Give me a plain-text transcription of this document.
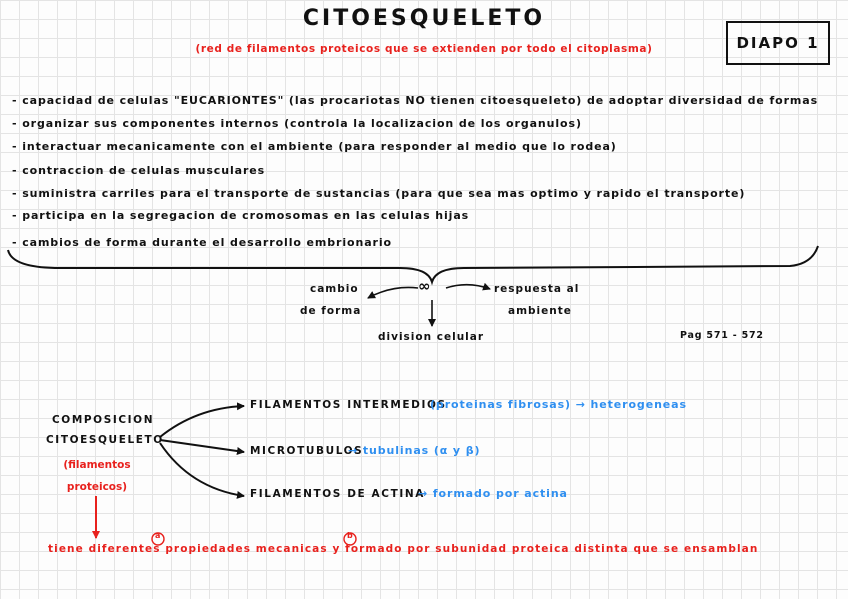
CITOESQUELETO
(red de filamentos proteicos que se extienden por todo el citoplasma)	DIAPO 1
- capacidad de celulas "EUCARIONTES" (las procariotas NO tienen citoesqueleto) de adoptar diversidad de formas
- organizar sus componentes internos (controla la localizacion de los organulos)
- interactuar mecanicamente con el ambiente (para responder al medio que lo rodea)
- contraccion de celulas musculares
- suministra carriles para el transporte de sustancias (para que sea mas optimo y rapido el transporte)
- participa en la segregacion de cromosomas en las celulas hijas
- cambios de forma durante el desarrollo embrionario
∞
cambio
de forma
respuesta al
ambiente
division celular	Pag 571 - 572
COMPOSICION
CITOESQUELETO
(filamentos
proteicos)
FILAMENTOS INTERMEDIOS
(proteinas fibrosas) → heterogeneas
MICROTUBULOS
→ tubulinas (α y β)
FILAMENTOS DE ACTINA
→ formado por actina
a	b
tiene diferentes propiedades mecanicas y formado por subunidad proteica distinta que se ensamblan
